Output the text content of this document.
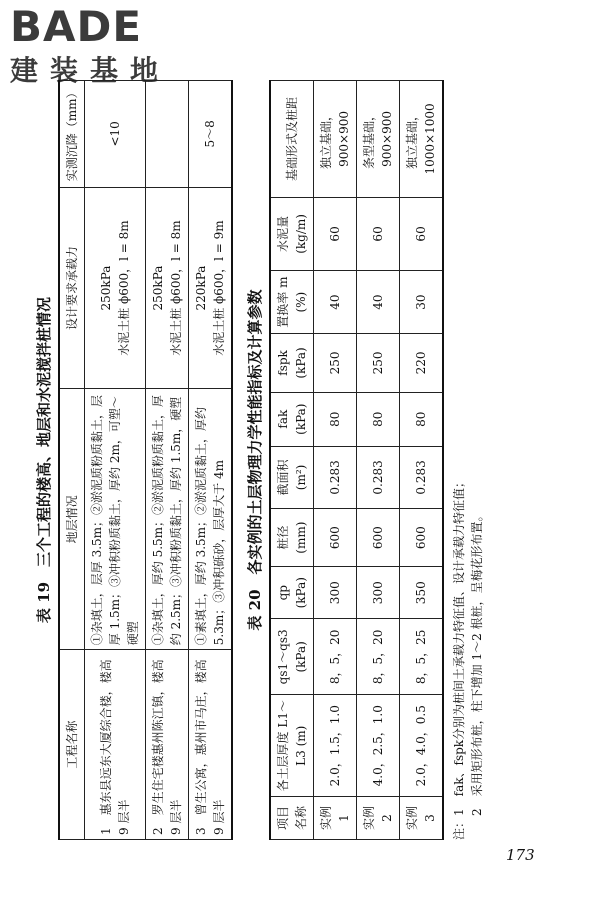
BADE
建装基地
表 19　三个工程的楼高、地层和水泥搅拌桩情况
工程名称	地层情况	设计要求承载力	实测沉降（mm）
1　惠东县远东大厦综合楼，楼高 9 层半	①杂填土，层厚 3.5m；②淤泥质粉质黏土，层厚 1.5m；③冲积粉质黏土，厚约 2m，可塑～硬塑	250kPa 水泥土桩 ϕ600，l = 8m	<10
2　罗生住宅楼惠州陈江镇，楼高 9 层半	①杂填土，厚约 5.5m；②淤泥质粉质黏土，厚约 2.5m；③冲积粉质黏土，厚约 1.5m，硬塑	250kPa 水泥土桩 ϕ600，l = 8m	

3　曾生公寓，惠州市马庄，楼高 9 层半	①素填土，厚约 3.5m；②淤泥质黏土，厚约 5.3m；③冲积砾砂，层厚大于 4m	220kPa 水泥土桩 ϕ600，l = 9m	5～8
表 20　各实例的土层物理力学性能指标及计算参数
项目名称	各土层厚度 L1～L3 (m)	qs1～qs3 (kPa)	qp (kPa)	桩径 (mm)	截面积 (m²)	fak (kPa)	fspk (kPa)	置换率 m (%)	水泥量 (kg/m)	基础形式及桩距
实例 1	2.0，1.5，1.0	8，5，20	300	600	0.283	80	250	40	60	独立基础，900×900
实例 2	4.0，2.5，1.0	8，5，20	300	600	0.283	80	250	40	60	条型基础，900×900
实例 3	2.0，4.0，0.5	8，5，25	350	600	0.283	80	220	30	60	独立基础，1000×1000

注：1　fak、fspk分别为桩间土承载力特征值、设计承载力特征值； 　　2　采用矩形布桩，柱下增加 1～2 根桩，呈梅花形布置。

173
